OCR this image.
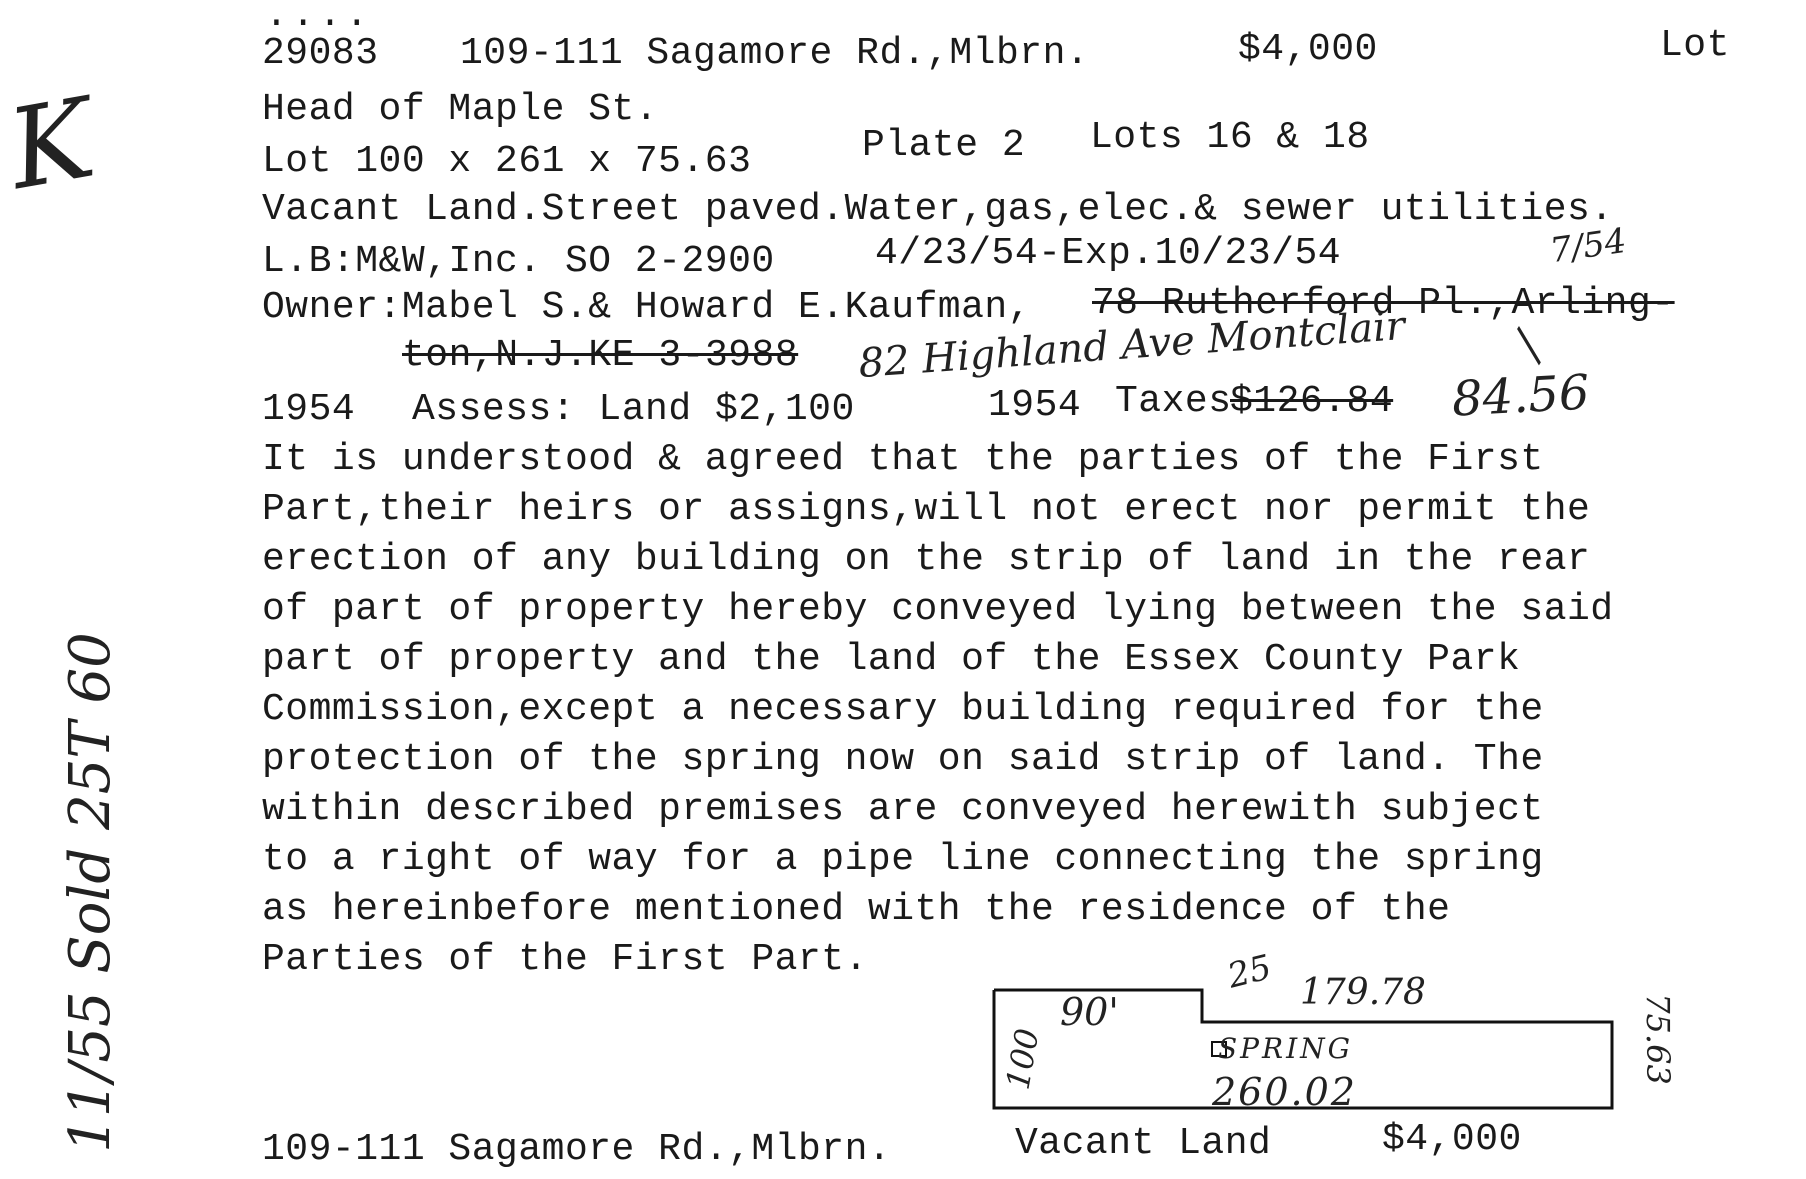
....
29083 109-111 Sagamore Rd.,Mlbrn.	$4,000	Lot
Head of Maple St.
Lot 100 x 261 x 75.63	Plate 2 Lots 16 & 18
Vacant Land.Street paved.Water,gas,elec.& sewer utilities.
L.B:M&W,Inc. SO 2-2900	4/23/54-Exp.10/23/54	7/54
Owner:Mabel S.& Howard E.Kaufman, 78 Rutherford Pl.,Arling-
ton,N.J.KE 3-3988 82 Highland Ave Montclair /
1954 Assess: Land $2,100	1954 Taxes
$126.84 84.56
It is understood & agreed that the parties of the First
Part,their heirs or assigns,will not erect nor permit the
erection of any building on the strip of land in the rear
of part of property hereby conveyed lying between the said
part of property and the land of the Essex County Park
Commission,except a necessary building required for the
protection of the spring now on said strip of land. The
within described premises are conveyed herewith subject
to a right of way for a pipe line connecting the spring
as hereinbefore mentioned with the residence of the
Parties of the First Part.
K
11/55 Sold 25T 60	100
90'
25 179.78
SPRING
260.02
75.63
109-111 Sagamore Rd.,Mlbrn.	Vacant Land	$4,000
